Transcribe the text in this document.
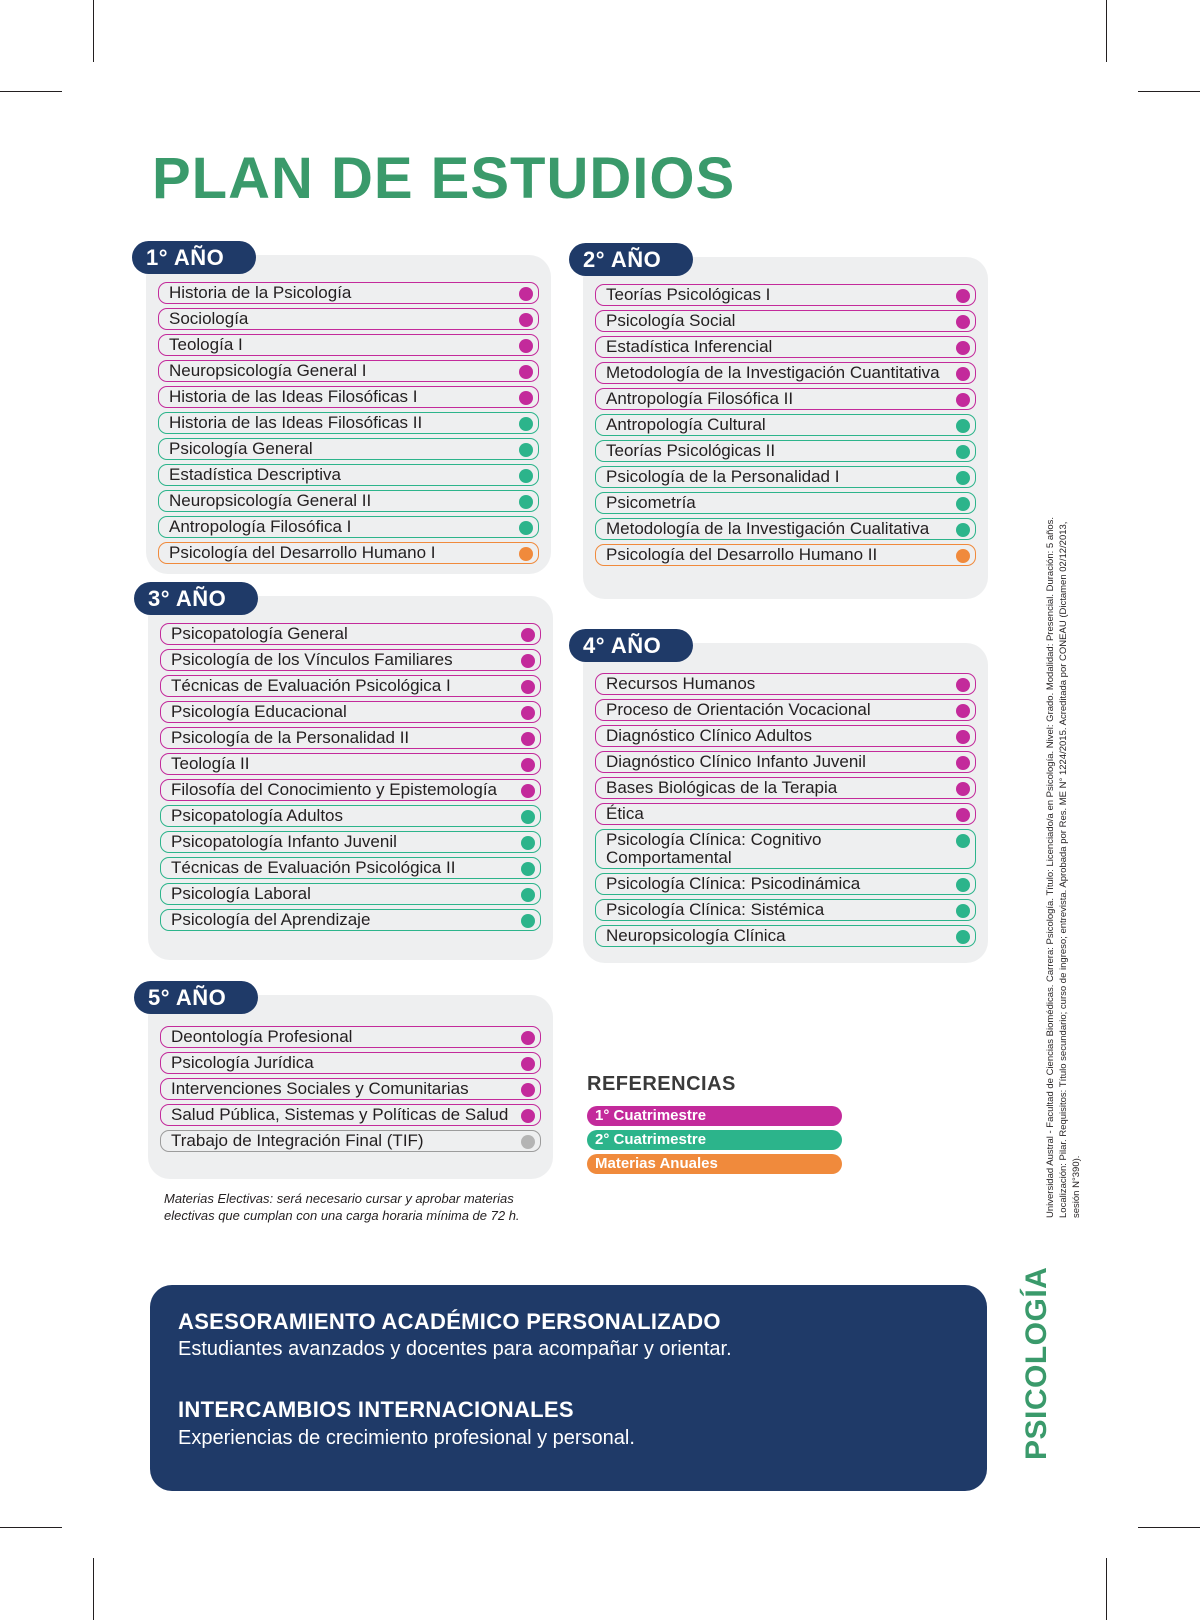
PLAN DE ESTUDIOS
1° AÑO
Historia de la Psicología
Sociología
Teología I
Neuropsicología General I
Historia de las Ideas Filosóficas I
Historia de las Ideas Filosóficas II
Psicología General
Estadística Descriptiva
Neuropsicología General II
Antropología Filosófica I
Psicología del Desarrollo Humano I
2° AÑO
Teorías Psicológicas I
Psicología Social
Estadística Inferencial
Metodología de la Investigación Cuantitativa
Antropología Filosófica II
Antropología Cultural
Teorías Psicológicas II
Psicología de la Personalidad I
Psicometría
Metodología de la Investigación Cualitativa
Psicología del Desarrollo Humano II
3° AÑO
Psicopatología General
Psicología de los Vínculos Familiares
Técnicas de Evaluación Psicológica I
Psicología Educacional
Psicología de la Personalidad II
Teología II
Filosofía del Conocimiento y Epistemología
Psicopatología Adultos
Psicopatología Infanto Juvenil
Técnicas de Evaluación Psicológica II
Psicología Laboral
Psicología del Aprendizaje
4° AÑO
Recursos Humanos
Proceso de Orientación Vocacional
Diagnóstico Clínico Adultos
Diagnóstico Clínico Infanto Juvenil
Bases Biológicas de la Terapia
Ética
Psicología Clínica: Cognitivo Comportamental
Psicología Clínica: Psicodinámica
Psicología Clínica: Sistémica
Neuropsicología Clínica
5° AÑO
Deontología Profesional
Psicología Jurídica
Intervenciones Sociales y Comunitarias
Salud Pública, Sistemas y Políticas de Salud
Trabajo de Integración Final (TIF)

Materias Electivas: será necesario cursar y aprobar materias electivas que cumplan con una carga horaria mínima de 72 h.

REFERENCIAS
1° Cuatrimestre
2° Cuatrimestre
Materias Anuales
ASESORAMIENTO ACADÉMICO PERSONALIZADO
Estudiantes avanzados y docentes para acompañar y orientar.
INTERCAMBIOS INTERNACIONALES
Experiencias de crecimiento profesional y personal.
Universidad Austral - Facultad de Ciencias Biomédicas. Carrera: Psicología. Título: Licenciado/a en Psicología. Nivel: Grado. Modalidad: Presencial. Duración: 5 años. Localización: Pilar. Requisitos: Título secundario; curso de ingreso; entrevista. Aprobada por Res. ME N° 1224/2015. Acreditada por CONEAU (Dictamen 02/12/2013, sesión N°390).
PSICOLOGÍA
